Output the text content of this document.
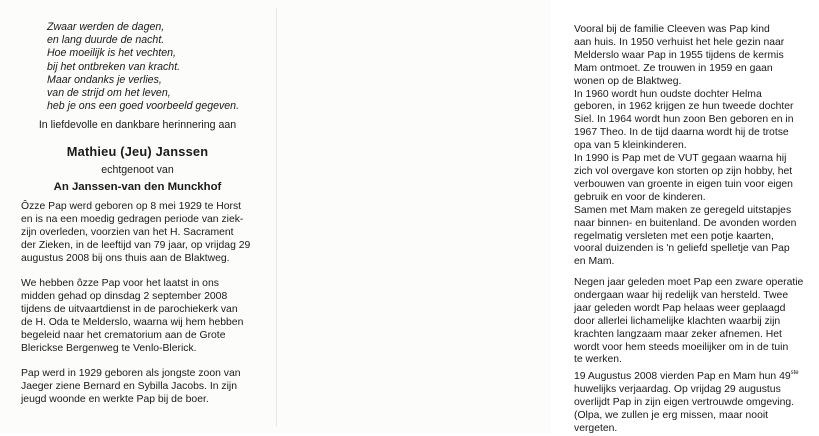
Zwaar werden de dagen,
en lang duurde de nacht.
Hoe moeilijk is het vechten,
bij het ontbreken van kracht.
Maar ondanks je verlies,
van de strijd om het leven,
heb je ons een goed voorbeeld gegeven.
In liefdevolle en dankbare herinnering aan
Mathieu (Jeu) Janssen
echtgenoot van
An Janssen-van den Munckhof
Ôzze Pap werd geboren op 8 mei 1929 te Horst
en is na een moedig gedragen periode van ziek-
zijn overleden, voorzien van het H. Sacrament
der Zieken, in de leeftijd van 79 jaar, op vrijdag 29
augustus 2008 bij ons thuis aan de Blaktweg.
We hebben ôzze Pap voor het laatst in ons
midden gehad op dinsdag 2 september 2008
tijdens de uitvaartdienst in de parochiekerk van
de H. Oda te Melderslo, waarna wij hem hebben
begeleid naar het crematorium aan de Grote
Blerickse Bergenweg te Venlo-Blerick.
Pap werd in 1929 geboren als jongste zoon van
Jaeger ziene Bernard en Sybilla Jacobs. In zijn
jeugd woonde en werkte Pap bij de boer.
Vooral bij de familie Cleeven was Pap kind
aan huis. In 1950 verhuist het hele gezin naar
Melderslo waar Pap in 1955 tijdens de kermis
Mam ontmoet. Ze trouwen in 1959 en gaan
wonen op de Blaktweg.
In 1960 wordt hun oudste dochter Helma
geboren, in 1962 krijgen ze hun tweede dochter
Siel. In 1964 wordt hun zoon Ben geboren en in
1967 Theo. In de tijd daarna wordt hij de trotse
opa van 5 kleinkinderen.
In 1990 is Pap met de VUT gegaan waarna hij
zich vol overgave kon storten op zijn hobby, het
verbouwen van groente in eigen tuin voor eigen
gebruik en voor de kinderen.
Samen met Mam maken ze geregeld uitstapjes
naar binnen- en buitenland. De avonden worden
regelmatig versleten met een potje kaarten,
vooral duizenden is 'n geliefd spelletje van Pap
en Mam.
Negen jaar geleden moet Pap een zware operatie
ondergaan waar hij redelijk van hersteld. Twee
jaar geleden wordt Pap helaas weer geplaagd
door allerlei lichamelijke klachten waarbij zijn
krachten langzaam maar zeker afnemen. Het
wordt voor hem steeds moeilijker om in de tuin
te werken.
19 Augustus 2008 vierden Pap en Mam hun 49ste
huwelijks verjaardag. Op vrijdag 29 augustus
overlijdt Pap in zijn eigen vertrouwde omgeving.
(Olpa, we zullen je erg missen, maar nooit
vergeten.
